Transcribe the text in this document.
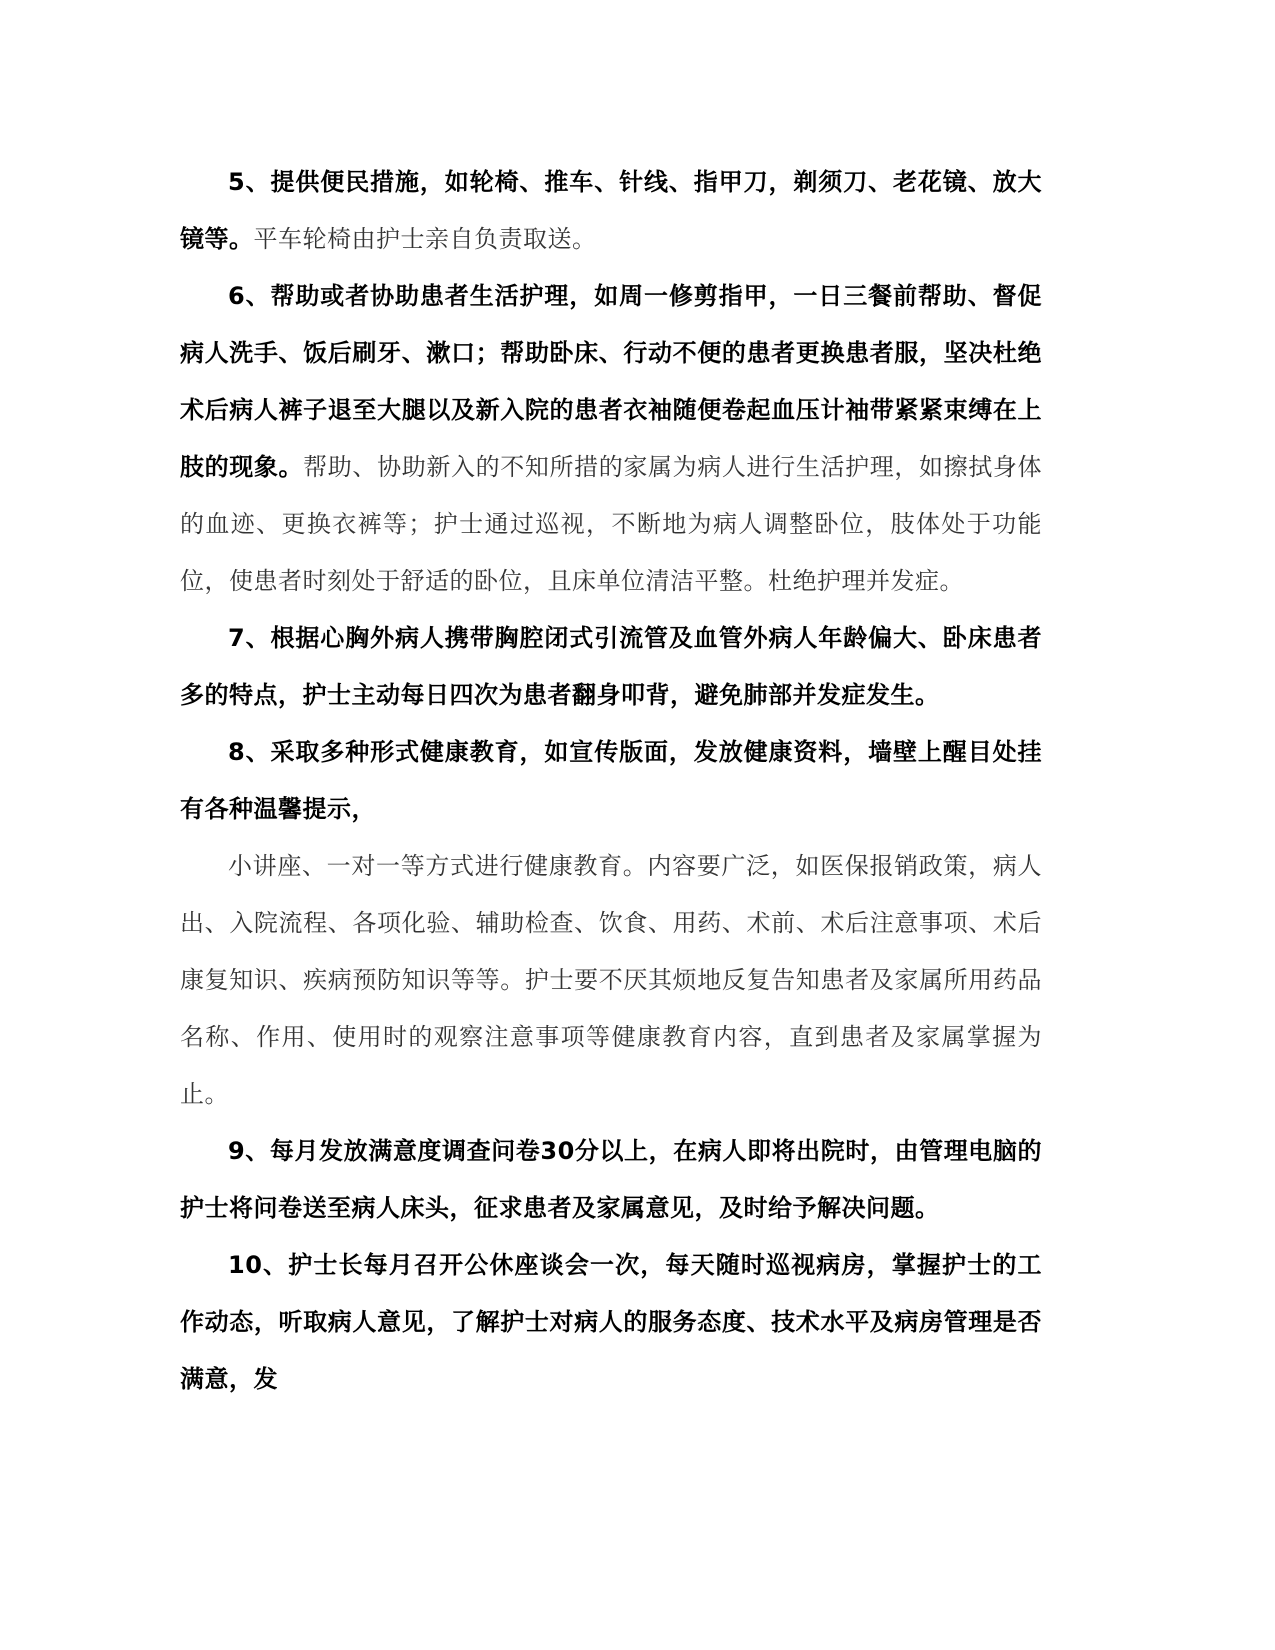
5、提供便民措施，如轮椅、推车、针线、指甲刀，剃须刀、老花镜、放大镜等。平车轮椅由护士亲自负责取送。

6、帮助或者协助患者生活护理，如周一修剪指甲，一日三餐前帮助、督促病人洗手、饭后刷牙、漱口；帮助卧床、行动不便的患者更换患者服，坚决杜绝术后病人裤子退至大腿以及新入院的患者衣袖随便卷起血压计袖带紧紧束缚在上肢的现象。帮助、协助新入的不知所措的家属为病人进行生活护理，如擦拭身体的血迹、更换衣裤等；护士通过巡视，不断地为病人调整卧位，肢体处于功能位，使患者时刻处于舒适的卧位，且床单位清洁平整。杜绝护理并发症。

7、根据心胸外病人携带胸腔闭式引流管及血管外病人年龄偏大、卧床患者多的特点，护士主动每日四次为患者翻身叩背，避免肺部并发症发生。

8、采取多种形式健康教育，如宣传版面，发放健康资料，墙壁上醒目处挂有各种温馨提示，

小讲座、一对一等方式进行健康教育。内容要广泛，如医保报销政策，病人出、入院流程、各项化验、辅助检查、饮食、用药、术前、术后注意事项、术后康复知识、疾病预防知识等等。护士要不厌其烦地反复告知患者及家属所用药品名称、作用、使用时的观察注意事项等健康教育内容，直到患者及家属掌握为止。

9、每月发放满意度调查问卷30分以上，在病人即将出院时，由管理电脑的护士将问卷送至病人床头，征求患者及家属意见，及时给予解决问题。

10、护士长每月召开公休座谈会一次，每天随时巡视病房，掌握护士的工作动态，听取病人意见，了解护士对病人的服务态度、技术水平及病房管理是否满意，发
